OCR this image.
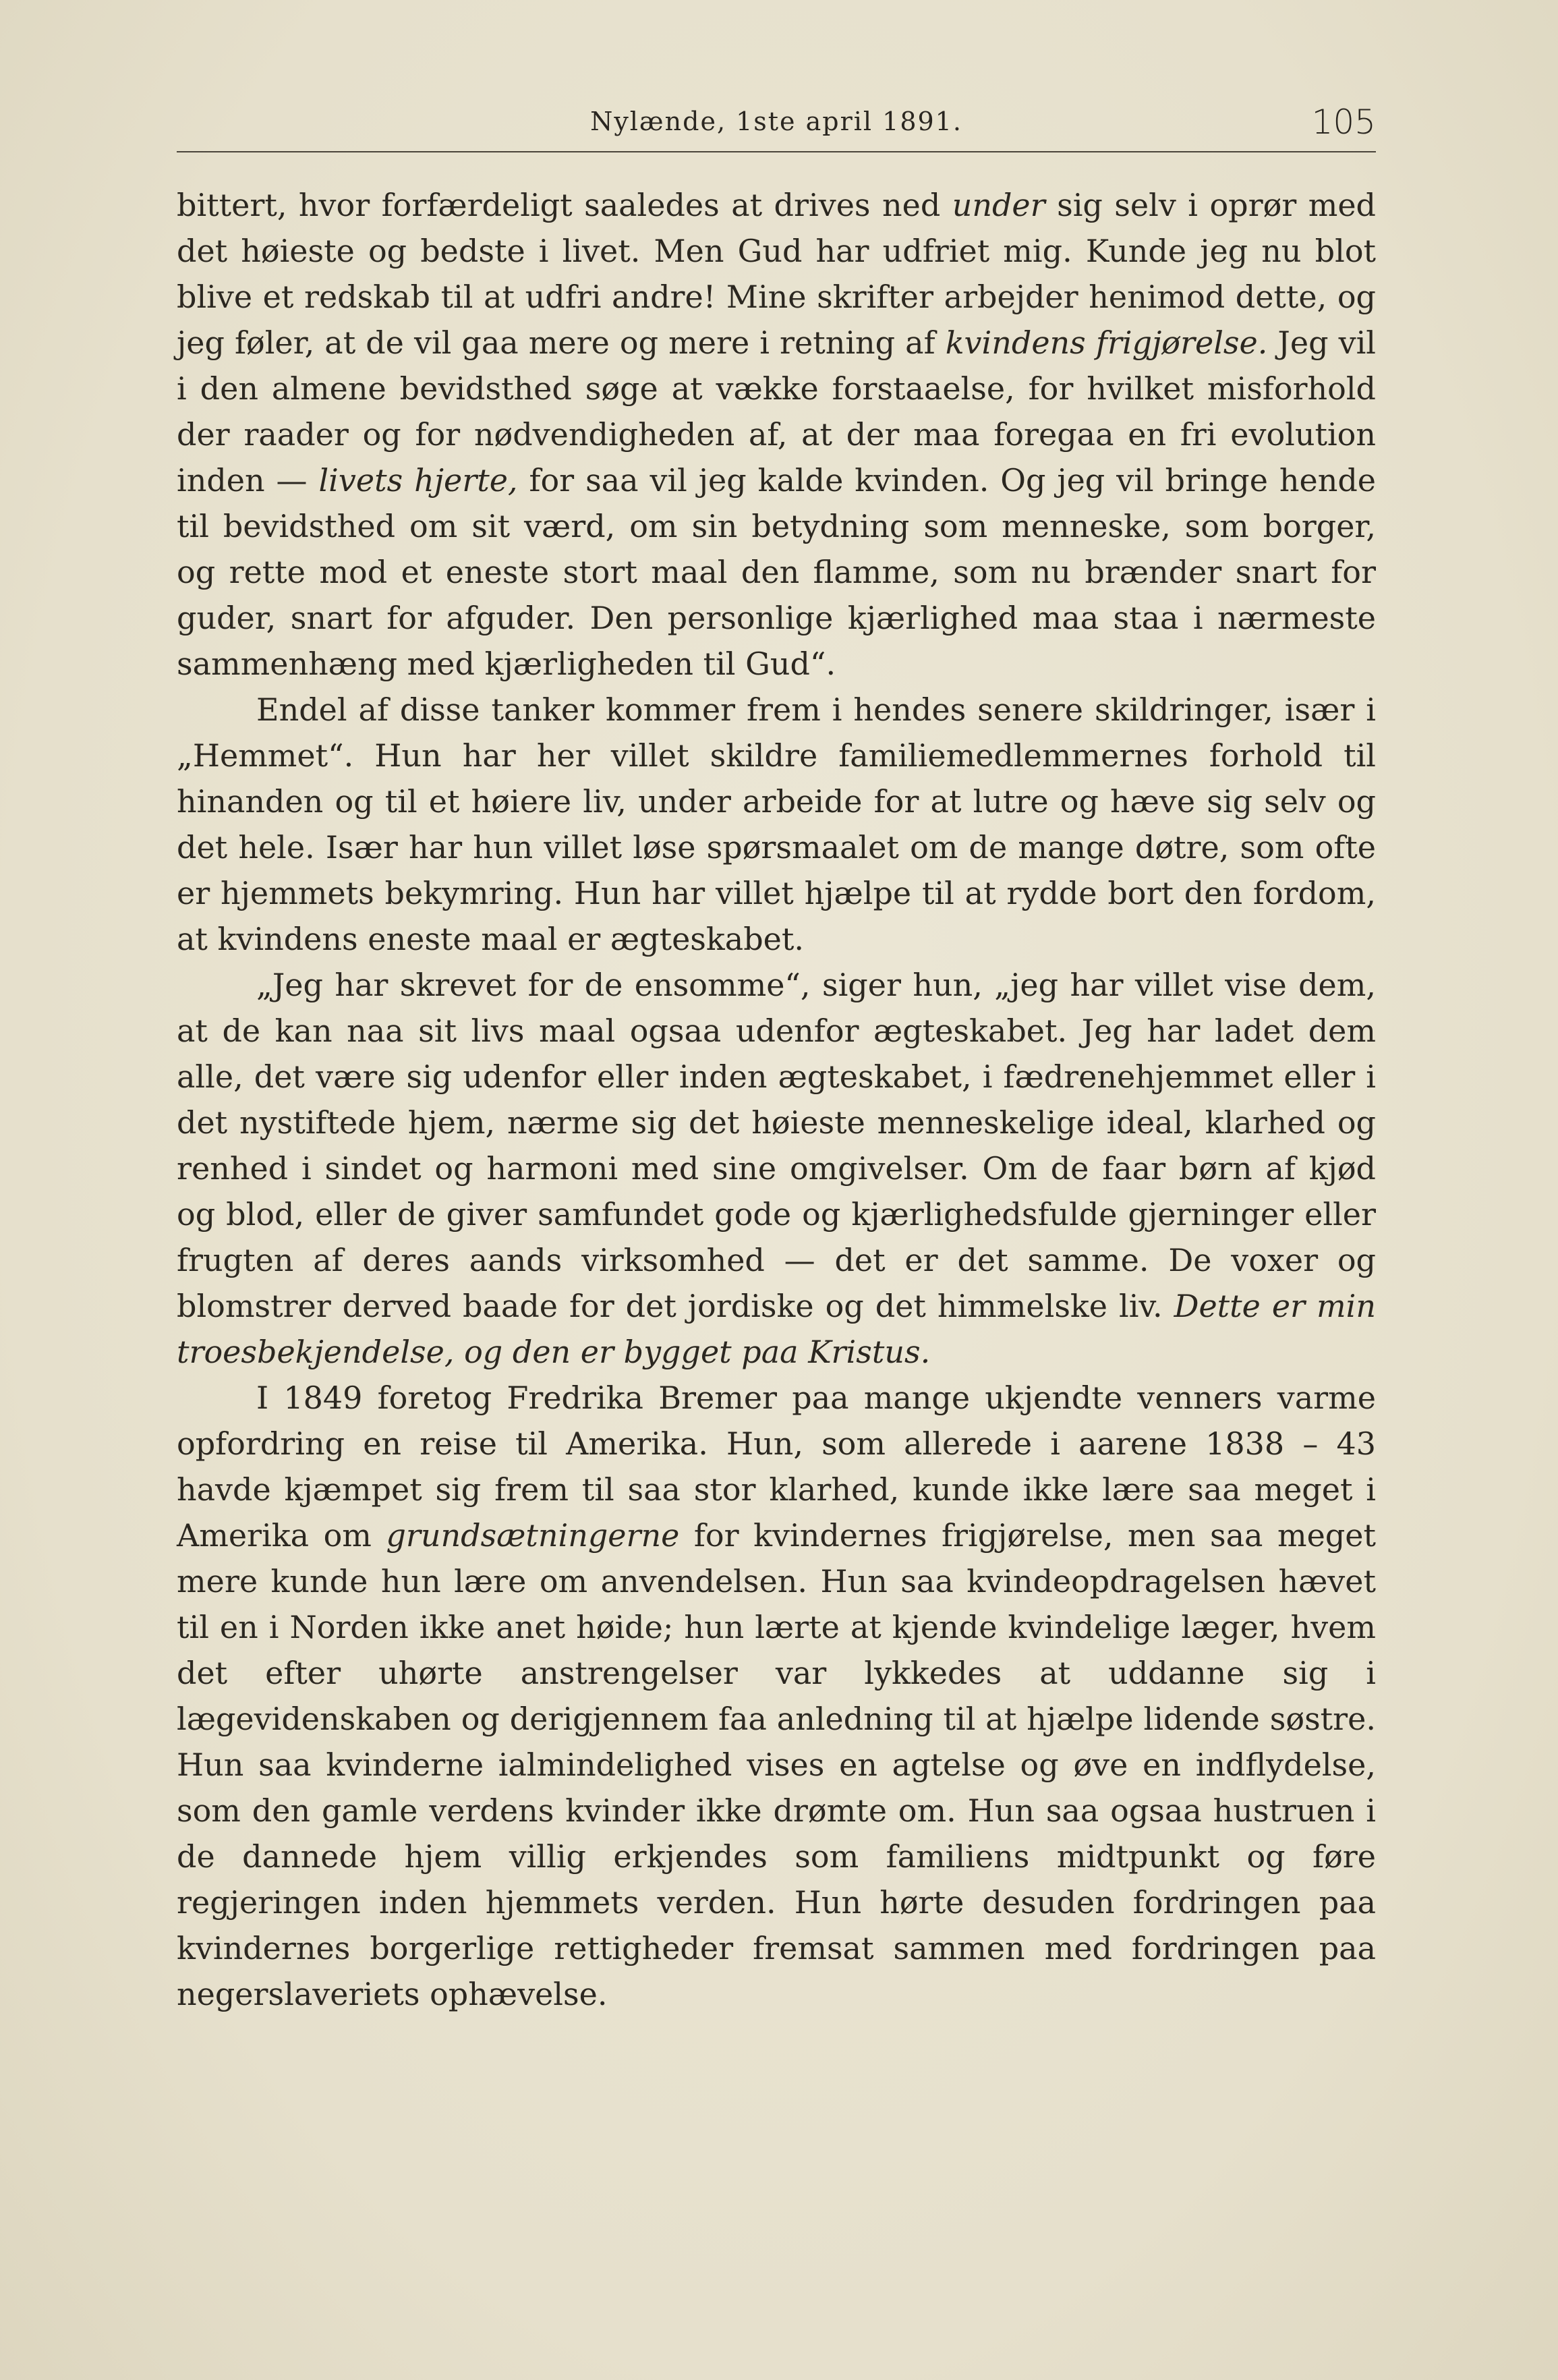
Nylænde, 1ste april 1891.	105

bittert, hvor forfærdeligt saaledes at drives ned under sig selv i oprør med det høieste og bedste i livet. Men Gud har udfriet mig. Kunde jeg nu blot blive et redskab til at udfri andre! Mine skrifter arbejder henimod dette, og jeg føler, at de vil gaa mere og mere i retning af kvindens frigjørelse. Jeg vil i den almene bevidsthed søge at vække forstaaelse, for hvilket misforhold der raader og for nødvendigheden af, at der maa foregaa en fri evolution inden — livets hjerte, for saa vil jeg kalde kvinden. Og jeg vil bringe hende til bevidsthed om sit værd, om sin betydning som menneske, som borger, og rette mod et eneste stort maal den flamme, som nu brænder snart for guder, snart for afguder. Den personlige kjærlighed maa staa i nærmeste sammenhæng med kjærligheden til Gud“.

Endel af disse tanker kommer frem i hendes senere skildringer, især i „Hemmet“. Hun har her villet skildre familiemedlemmernes forhold til hinanden og til et høiere liv, under arbeide for at lutre og hæve sig selv og det hele. Især har hun villet løse spørsmaalet om de mange døtre, som ofte er hjemmets bekymring. Hun har villet hjælpe til at rydde bort den fordom, at kvindens eneste maal er ægteskabet.

„Jeg har skrevet for de ensomme“, siger hun, „jeg har villet vise dem, at de kan naa sit livs maal ogsaa udenfor ægteskabet. Jeg har ladet dem alle, det være sig udenfor eller inden ægteskabet, i fædrenehjemmet eller i det nystiftede hjem, nærme sig det høieste menneskelige ideal, klarhed og renhed i sindet og harmoni med sine omgivelser. Om de faar børn af kjød og blod, eller de giver samfundet gode og kjærlighedsfulde gjerninger eller frugten af deres aands virksomhed — det er det samme. De voxer og blomstrer derved baade for det jordiske og det himmelske liv. Dette er min troesbekjendelse, og den er bygget paa Kristus.

I 1849 foretog Fredrika Bremer paa mange ukjendte venners varme opfordring en reise til Amerika. Hun, som allerede i aarene 1838 – 43 havde kjæmpet sig frem til saa stor klarhed, kunde ikke lære saa meget i Amerika om grundsætningerne for kvindernes frigjørelse, men saa meget mere kunde hun lære om anvendelsen. Hun saa kvindeopdragelsen hævet til en i Norden ikke anet høide; hun lærte at kjende kvindelige læger, hvem det efter uhørte anstrengelser var lykkedes at uddanne sig i lægevidenskaben og derigjennem faa anledning til at hjælpe lidende søstre. Hun saa kvinderne ialmindelighed vises en agtelse og øve en indflydelse, som den gamle verdens kvinder ikke drømte om. Hun saa ogsaa hustruen i de dannede hjem villig erkjendes som familiens midtpunkt og føre regjeringen inden hjemmets verden. Hun hørte desuden fordringen paa kvindernes borgerlige rettigheder fremsat sammen med fordringen paa negerslaveriets ophævelse.
